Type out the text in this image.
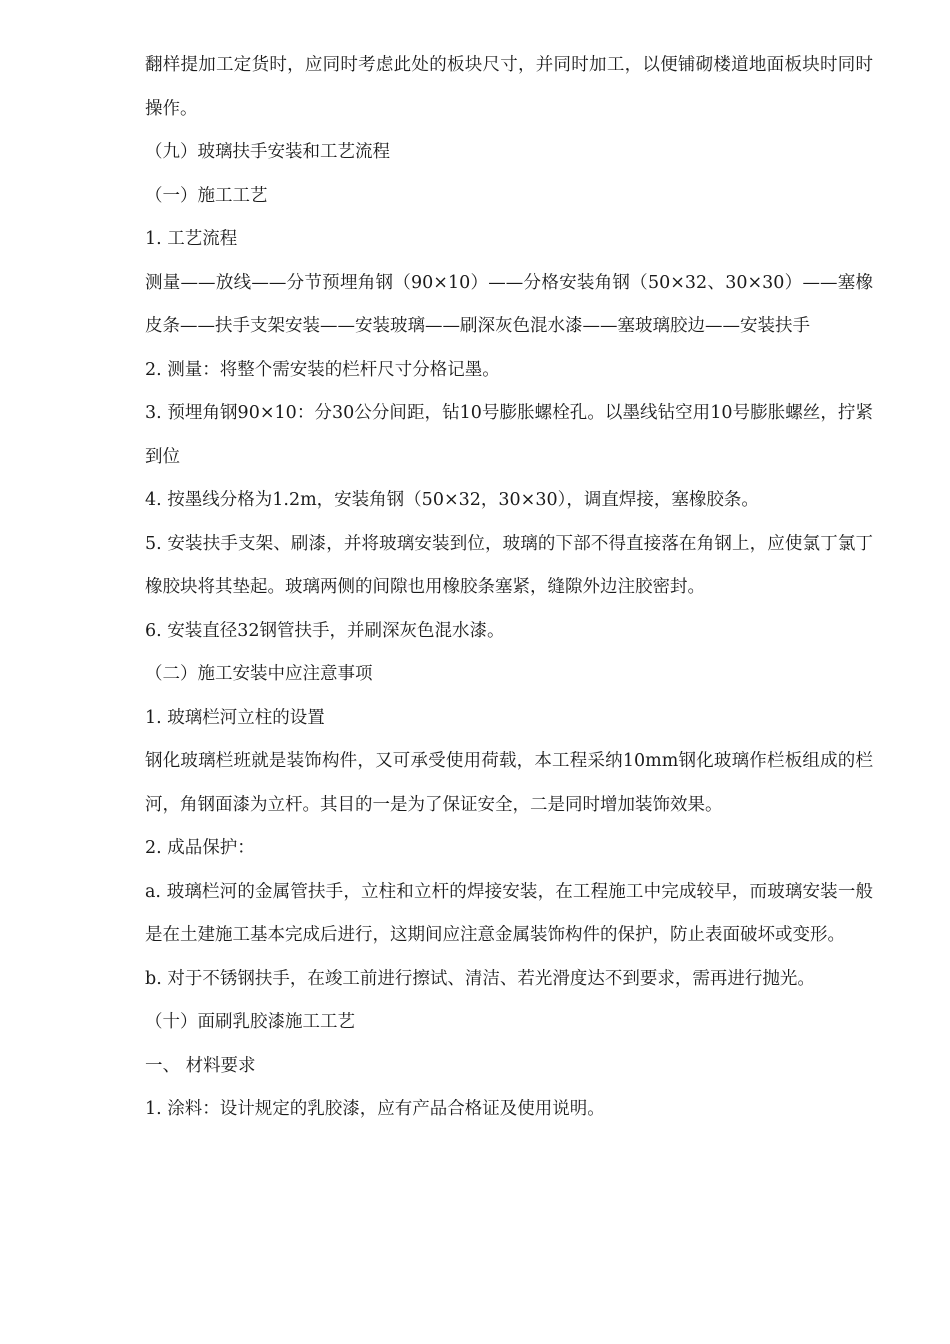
翻样提加工定货时，应同时考虑此处的板块尺寸，并同时加工，以便铺砌楼道地面板块时同时操作。

（九）玻璃扶手安装和工艺流程

（一）施工工艺

1. 工艺流程

测量——放线——分节预埋角钢（90×10）——分格安装角钢（50×32、30×30）——塞橡皮条——扶手支架安装——安装玻璃——刷深灰色混水漆——塞玻璃胶边——安装扶手

2. 测量：将整个需安装的栏杆尺寸分格记墨。

3. 预埋角钢90×10：分30公分间距，钻10号膨胀螺栓孔。以墨线钻空用10号膨胀螺丝，拧紧到位

4. 按墨线分格为1.2m，安装角钢（50×32，30×30），调直焊接，塞橡胶条。

5. 安装扶手支架、刷漆，并将玻璃安装到位，玻璃的下部不得直接落在角钢上，应使氯丁氯丁橡胶块将其垫起。玻璃两侧的间隙也用橡胶条塞紧，缝隙外边注胶密封。

6. 安装直径32钢管扶手，并刷深灰色混水漆。

（二）施工安装中应注意事项

1. 玻璃栏河立柱的设置

钢化玻璃栏班就是装饰构件，又可承受使用荷载，本工程采纳10mm钢化玻璃作栏板组成的栏河，角钢面漆为立杆。其目的一是为了保证安全，二是同时增加装饰效果。

2. 成品保护：

a. 玻璃栏河的金属管扶手，立柱和立杆的焊接安装，在工程施工中完成较早，而玻璃安装一般是在土建施工基本完成后进行，这期间应注意金属装饰构件的保护，防止表面破坏或变形。

b. 对于不锈钢扶手，在竣工前进行擦试、清洁、若光滑度达不到要求，需再进行抛光。

（十）面刷乳胶漆施工工艺

一、 材料要求

1. 涂料：设计规定的乳胶漆，应有产品合格证及使用说明。
